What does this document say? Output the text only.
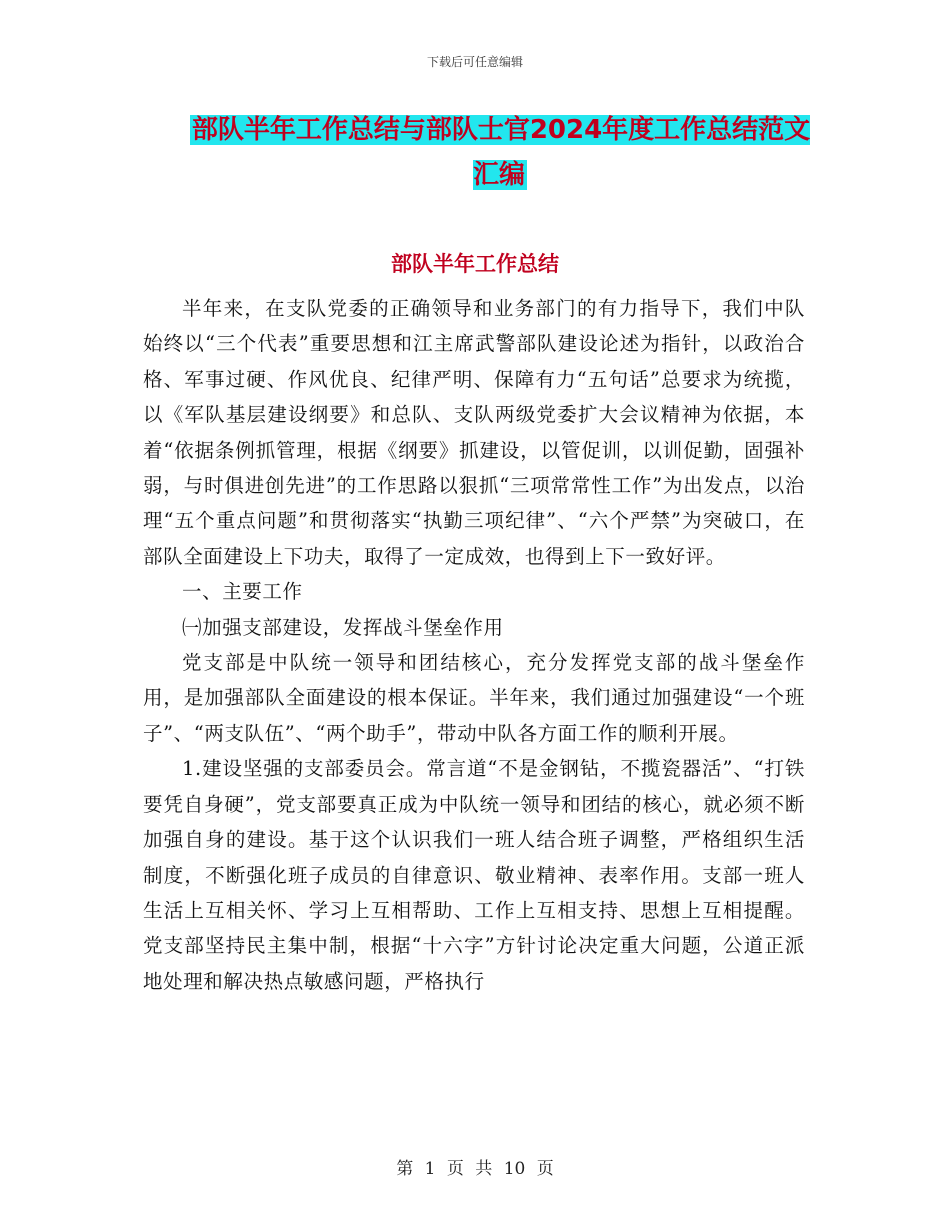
下载后可任意编辑
部队半年工作总结与部队士官2024年度工作总结范文汇编
部队半年工作总结

半年来，在支队党委的正确领导和业务部门的有力指导下，我们中队始终以“三个代表”重要思想和江主席武警部队建设论述为指针，以政治合格、军事过硬、作风优良、纪律严明、保障有力“五句话”总要求为统揽，以《军队基层建设纲要》和总队、支队两级党委扩大会议精神为依据，本着“依据条例抓管理，根据《纲要》抓建设，以管促训，以训促勤，固强补弱，与时俱进创先进”的工作思路以狠抓“三项常常性工作”为出发点，以治理“五个重点问题”和贯彻落实“执勤三项纪律”、“六个严禁”为突破口，在部队全面建设上下功夫，取得了一定成效，也得到上下一致好评。

一、主要工作

㈠加强支部建设，发挥战斗堡垒作用

党支部是中队统一领导和团结核心，充分发挥党支部的战斗堡垒作用，是加强部队全面建设的根本保证。半年来，我们通过加强建设“一个班子”、“两支队伍”、“两个助手”，带动中队各方面工作的顺利开展。

1.建设坚强的支部委员会。常言道“不是金钢钻，不揽瓷器活”、“打铁要凭自身硬”，党支部要真正成为中队统一领导和团结的核心，就必须不断加强自身的建设。基于这个认识我们一班人结合班子调整，严格组织生活制度，不断强化班子成员的自律意识、敬业精神、表率作用。支部一班人生活上互相关怀、学习上互相帮助、工作上互相支持、思想上互相提醒。党支部坚持民主集中制，根据“十六字”方针讨论决定重大问题，公道正派地处理和解决热点敏感问题，严格执行

第 1 页 共 10 页
